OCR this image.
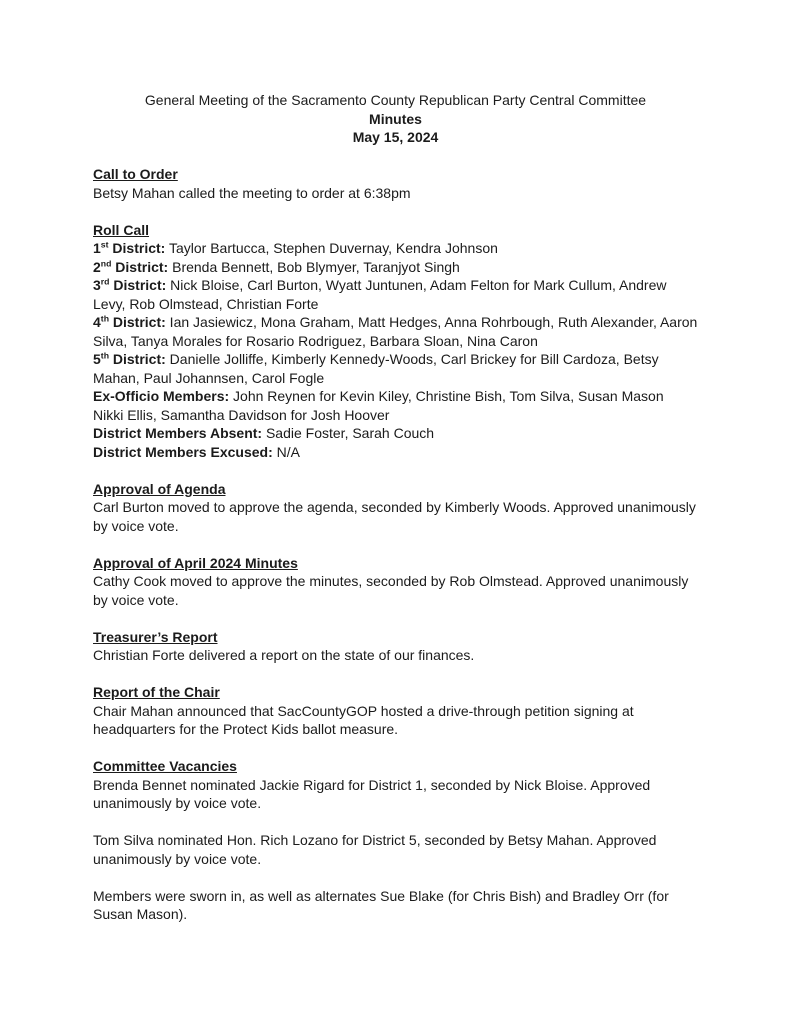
General Meeting of the Sacramento County Republican Party Central Committee
Minutes
May 15, 2024
Call to Order
Betsy Mahan called the meeting to order at 6:38pm
Roll Call
1st District: Taylor Bartucca, Stephen Duvernay, Kendra Johnson
2nd District: Brenda Bennett, Bob Blymyer, Taranjyot Singh
3rd District: Nick Bloise, Carl Burton, Wyatt Juntunen, Adam Felton for Mark Cullum, Andrew Levy, Rob Olmstead, Christian Forte
4th District: Ian Jasiewicz, Mona Graham, Matt Hedges, Anna Rohrbough, Ruth Alexander, Aaron Silva, Tanya Morales for Rosario Rodriguez, Barbara Sloan, Nina Caron
5th District: Danielle Jolliffe, Kimberly Kennedy-Woods, Carl Brickey for Bill Cardoza, Betsy Mahan, Paul Johannsen, Carol Fogle
Ex-Officio Members: John Reynen for Kevin Kiley, Christine Bish, Tom Silva, Susan Mason
Nikki Ellis, Samantha Davidson for Josh Hoover
District Members Absent: Sadie Foster, Sarah Couch
District Members Excused: N/A
Approval of Agenda
Carl Burton moved to approve the agenda, seconded by Kimberly Woods. Approved unanimously by voice vote.
Approval of April 2024 Minutes
Cathy Cook moved to approve the minutes, seconded by Rob Olmstead. Approved unanimously by voice vote.
Treasurer’s Report
Christian Forte delivered a report on the state of our finances.
Report of the Chair
Chair Mahan announced that SacCountyGOP hosted a drive-through petition signing at headquarters for the Protect Kids ballot measure.
Committee Vacancies
Brenda Bennet nominated Jackie Rigard for District 1, seconded by Nick Bloise. Approved unanimously by voice vote.
Tom Silva nominated Hon. Rich Lozano for District 5, seconded by Betsy Mahan. Approved unanimously by voice vote.
Members were sworn in, as well as alternates Sue Blake (for Chris Bish) and Bradley Orr (for Susan Mason).
